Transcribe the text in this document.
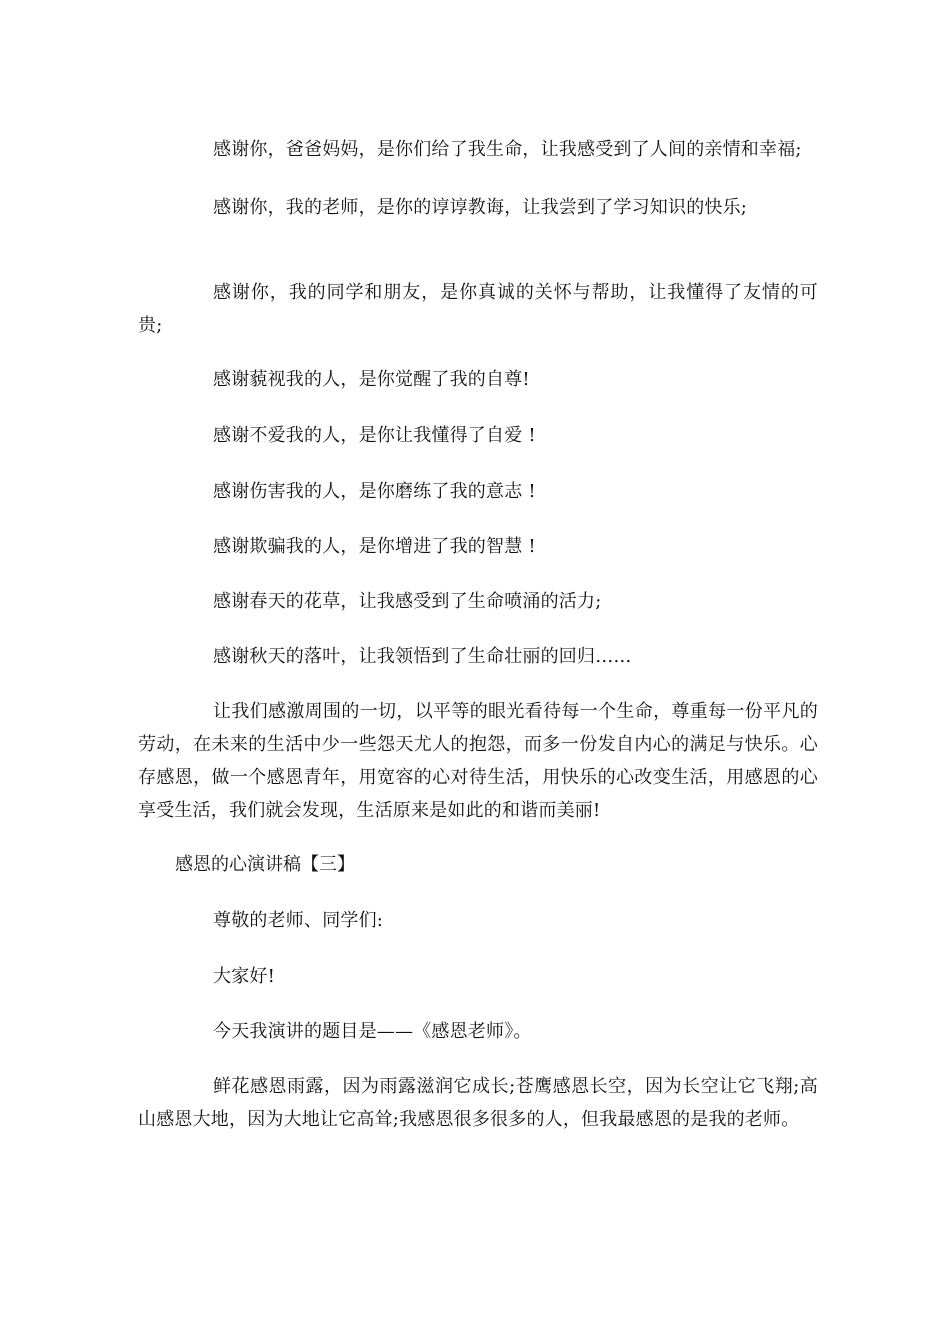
感谢你，爸爸妈妈，是你们给了我生命，让我感受到了人间的亲情和幸福;

感谢你，我的老师，是你的谆谆教诲，让我尝到了学习知识的快乐;

感谢你，我的同学和朋友，是你真诚的关怀与帮助，让我懂得了友情的可贵;

感谢藐视我的人，是你觉醒了我的自尊!

感谢不爱我的人，是你让我懂得了自爱 !

感谢伤害我的人，是你磨练了我的意志 !

感谢欺骗我的人，是你增进了我的智慧 !

感谢春天的花草，让我感受到了生命喷涌的活力;

感谢秋天的落叶，让我领悟到了生命壮丽的回归……

让我们感激周围的一切，以平等的眼光看待每一个生命，尊重每一份平凡的劳动，在未来的生活中少一些怨天尤人的抱怨，而多一份发自内心的满足与快乐。心存感恩，做一个感恩青年，用宽容的心对待生活，用快乐的心改变生活，用感恩的心享受生活，我们就会发现，生活原来是如此的和谐而美丽!

感恩的心演讲稿【三】

尊敬的老师、同学们:

大家好!

今天我演讲的题目是——《感恩老师》。

鲜花感恩雨露，因为雨露滋润它成长;苍鹰感恩长空，因为长空让它飞翔;高山感恩大地，因为大地让它高耸;我感恩很多很多的人，但我最感恩的是我的老师。
